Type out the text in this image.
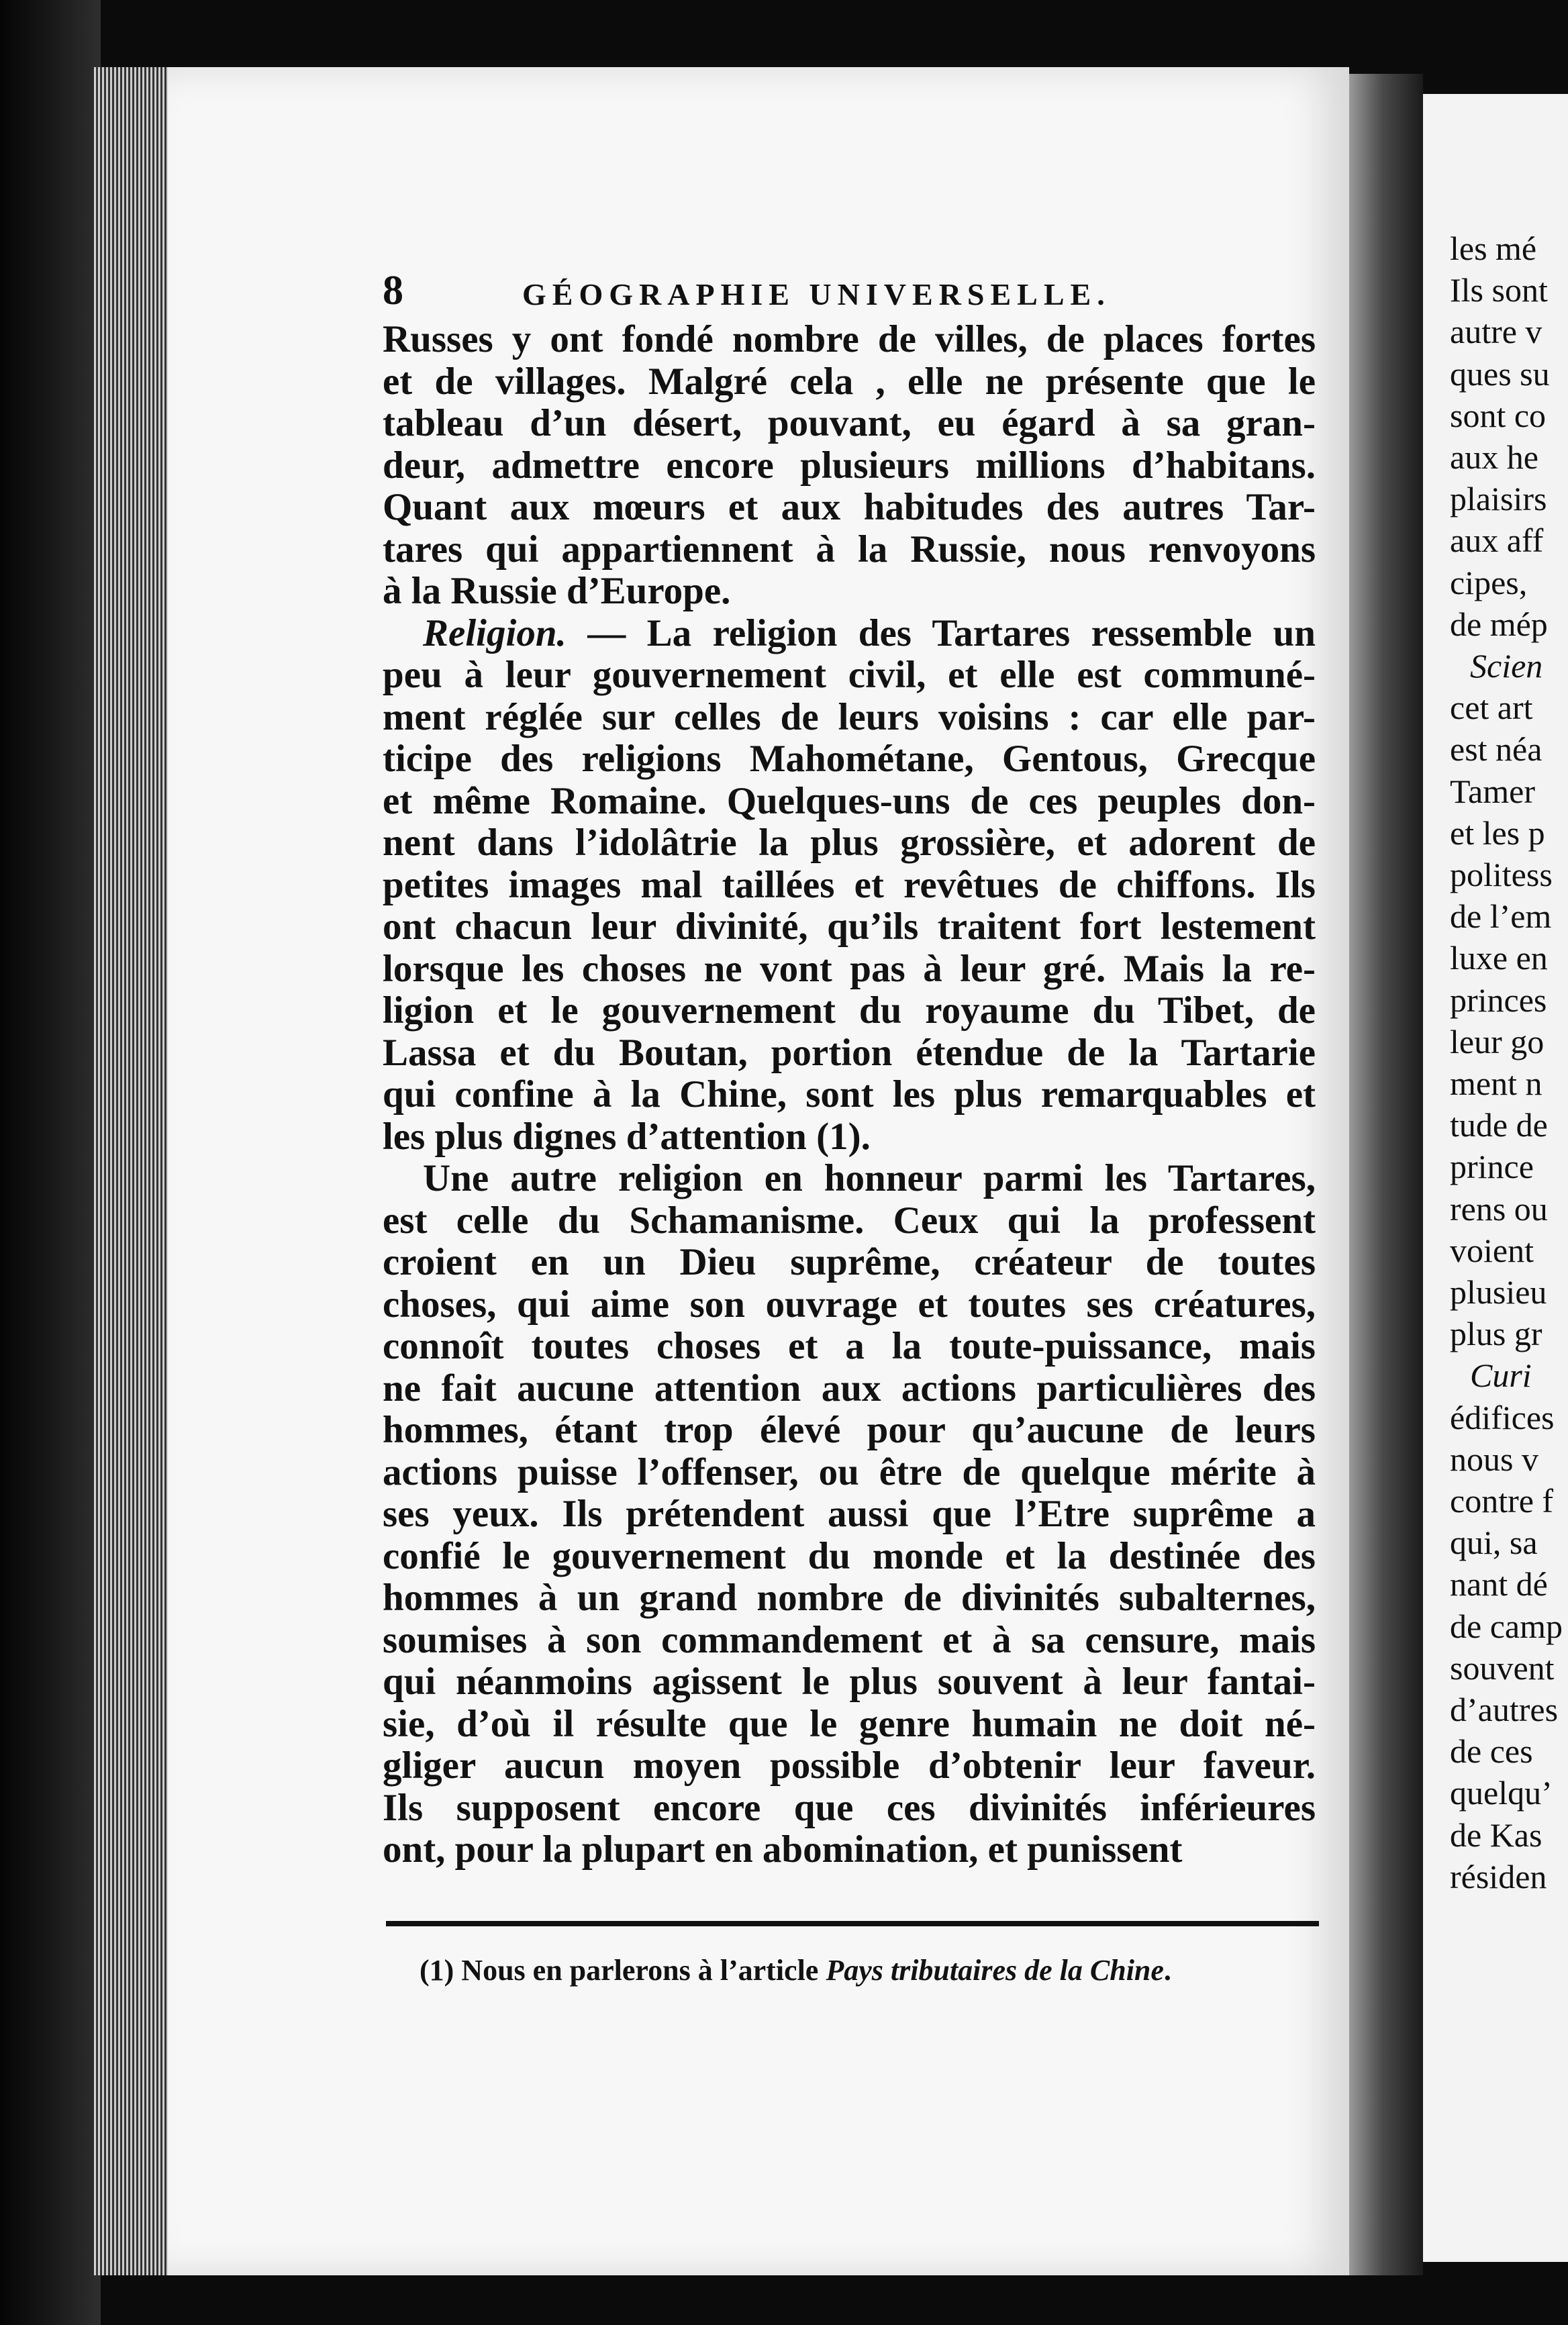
8	GÉOGRAPHIE UNIVERSELLE.
Russes y ont fondé nombre de villes, de places fortes
et de villages. Malgré cela , elle ne présente que le
tableau d’un désert, pouvant, eu égard à sa gran-
deur, admettre encore plusieurs millions d’habitans.
Quant aux mœurs et aux habitudes des autres Tar-
tares qui appartiennent à la Russie, nous renvoyons
à la Russie d’Europe.
Religion. — La religion des Tartares ressemble un
peu à leur gouvernement civil, et elle est communé-
ment réglée sur celles de leurs voisins : car elle par-
ticipe des religions Mahométane, Gentous, Grecque
et même Romaine. Quelques-uns de ces peuples don-
nent dans l’idolâtrie la plus grossière, et adorent de
petites images mal taillées et revêtues de chiffons. Ils
ont chacun leur divinité, qu’ils traitent fort lestement
lorsque les choses ne vont pas à leur gré. Mais la re-
ligion et le gouvernement du royaume du Tibet, de
Lassa et du Boutan, portion étendue de la Tartarie
qui confine à la Chine, sont les plus remarquables et
les plus dignes d’attention (1).
Une autre religion en honneur parmi les Tartares,
est celle du Schamanisme. Ceux qui la professent
croient en un Dieu suprême, créateur de toutes
choses, qui aime son ouvrage et toutes ses créatures,
connoît toutes choses et a la toute-puissance, mais
ne fait aucune attention aux actions particulières des
hommes, étant trop élevé pour qu’aucune de leurs
actions puisse l’offenser, ou être de quelque mérite à
ses yeux. Ils prétendent aussi que l’Etre suprême a
confié le gouvernement du monde et la destinée des
hommes à un grand nombre de divinités subalternes,
soumises à son commandement et à sa censure, mais
qui néanmoins agissent le plus souvent à leur fantai-
sie, d’où il résulte que le genre humain ne doit né-
gliger aucun moyen possible d’obtenir leur faveur.
Ils supposent encore que ces divinités inférieures
ont, pour la plupart en abomination, et punissent
(1) Nous en parlerons à l’article Pays tributaires de la Chine.
les mé
Ils sont
autre v
ques su
sont co
aux he
plaisirs
aux aff
cipes,
de mép
Scien
cet art
est néa
Tamer
et les p
politess
de l’em
luxe en
princes
leur go
ment n
tude de
prince
rens ou
voient
plusieu
plus gr
Curi
édifices
nous v
contre f
qui, sa
nant dé
de camp
souvent
d’autres
de ces
quelqu’
de Kas
résiden
